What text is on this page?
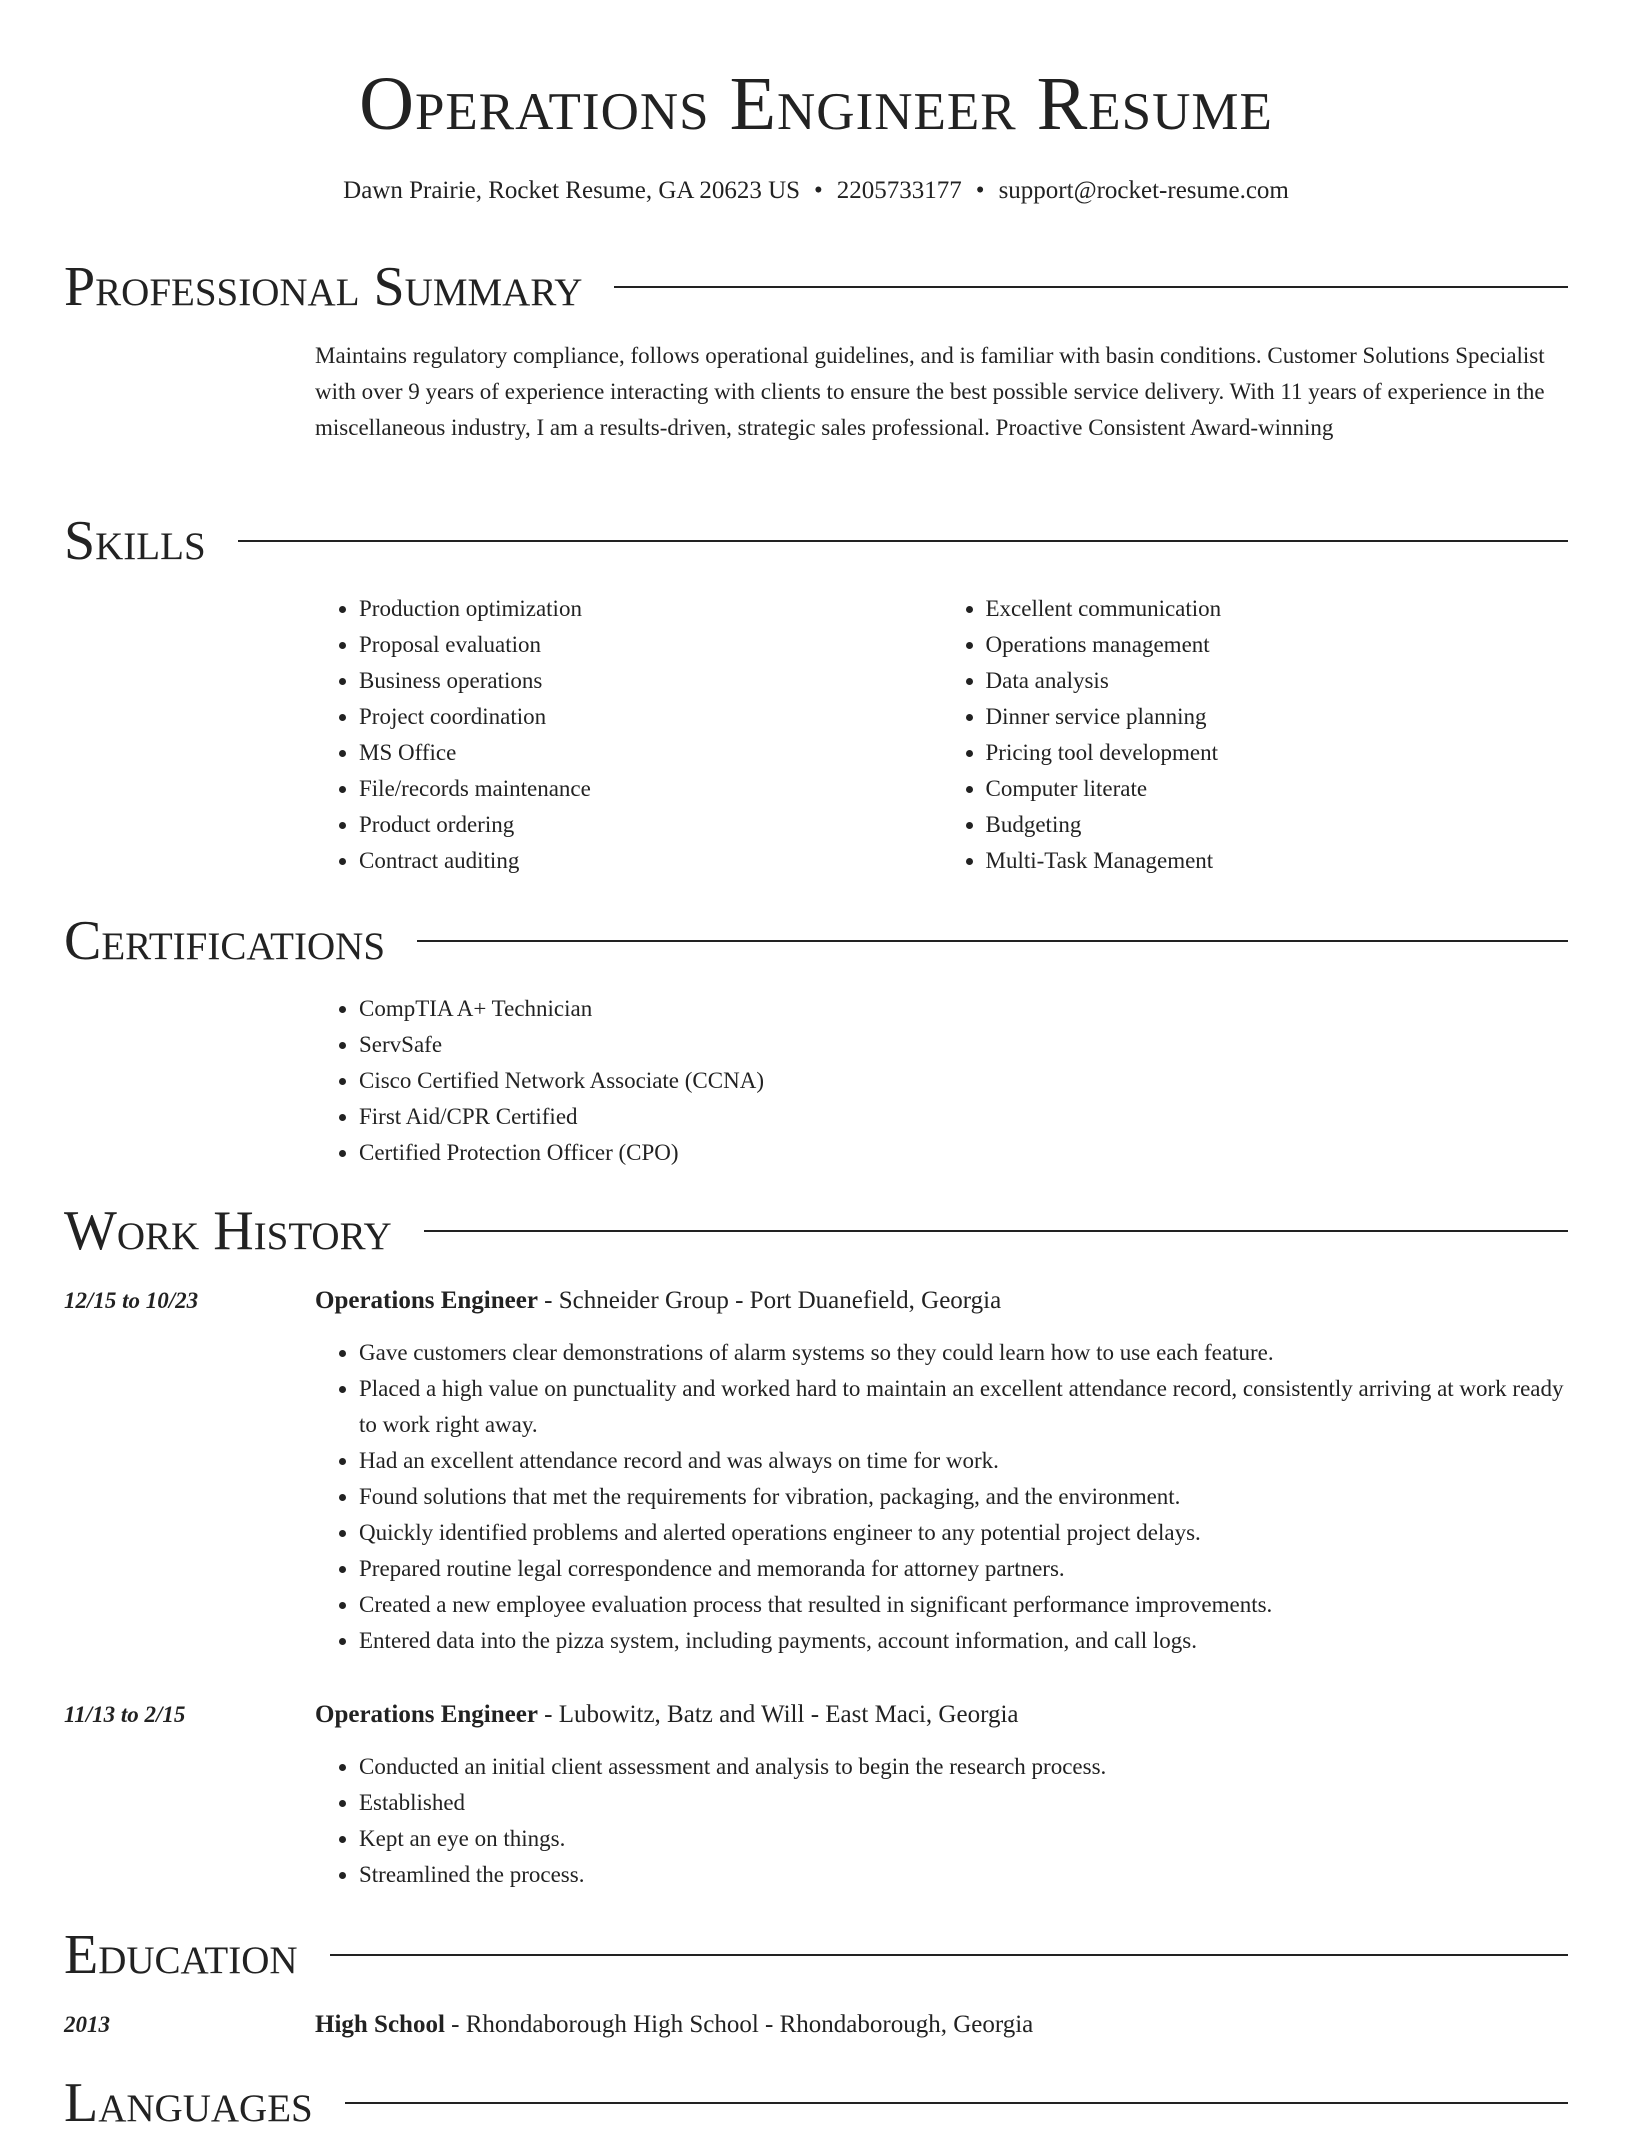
Operations Engineer Resume
Dawn Prairie, Rocket Resume, GA 20623 US • 2205733177 • support@rocket-resume.com
Professional Summary

Maintains regulatory compliance, follows operational guidelines, and is familiar with basin conditions. Customer Solutions Specialist with over 9 years of experience interacting with clients to ensure the best possible service delivery. With 11 years of experience in the miscellaneous industry, I am a results-driven, strategic sales professional. Proactive Consistent Award-winning

Skills
• Production optimization
• Proposal evaluation
• Business operations
• Project coordination
• MS Office
• File/records maintenance
• Product ordering
• Contract auditing
• Excellent communication
• Operations management
• Data analysis
• Dinner service planning
• Pricing tool development
• Computer literate
• Budgeting
• Multi-Task Management
Certifications
• CompTIA A+ Technician
• ServSafe
• Cisco Certified Network Associate (CCNA)
• First Aid/CPR Certified
• Certified Protection Officer (CPO)
Work History
12/15 to 10/23	Operations Engineer - Schneider Group - Port Duanefield, Georgia

• Gave customers clear demonstrations of alarm systems so they could learn how to use each feature.
• Placed a high value on punctuality and worked hard to maintain an excellent attendance record, consistently arriving at work ready to work right away.
• Had an excellent attendance record and was always on time for work.
• Found solutions that met the requirements for vibration, packaging, and the environment.
• Quickly identified problems and alerted operations engineer to any potential project delays.
• Prepared routine legal correspondence and memoranda for attorney partners.
• Created a new employee evaluation process that resulted in significant performance improvements.
• Entered data into the pizza system, including payments, account information, and call logs.
11/13 to 2/15	Operations Engineer - Lubowitz, Batz and Will - East Maci, Georgia

• Conducted an initial client assessment and analysis to begin the research process.
• Established
• Kept an eye on things.
• Streamlined the process.
Education
2013	High School - Rhondaborough High School - Rhondaborough, Georgia

Languages
